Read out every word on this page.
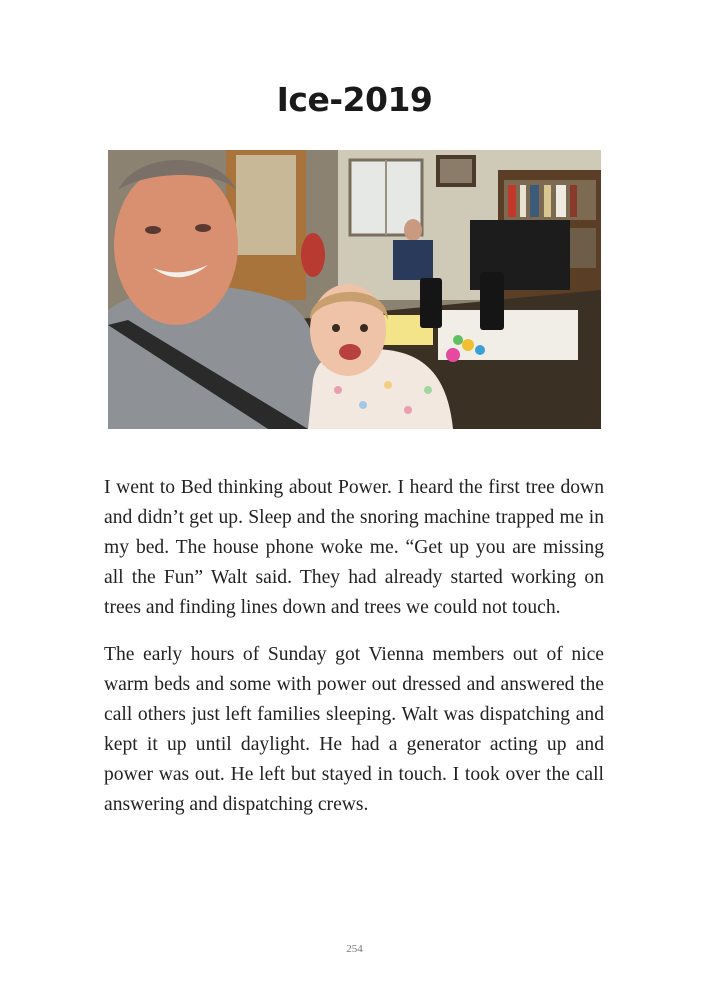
Ice-2019

I went to Bed thinking about Power. I heard the first tree down and didn’t get up. Sleep and the snoring machine trapped me in my bed. The house phone woke me. “Get up you are missing all the Fun” Walt said. They had already started working on trees and finding lines down and trees we could not touch.

The early hours of Sunday got Vienna members out of nice warm beds and some with power out dressed and answered the call others just left families sleeping. Walt was dispatching and kept it up until daylight. He had a generator acting up and power was out. He left but stayed in touch. I took over the call answering and dispatching crews.

254
